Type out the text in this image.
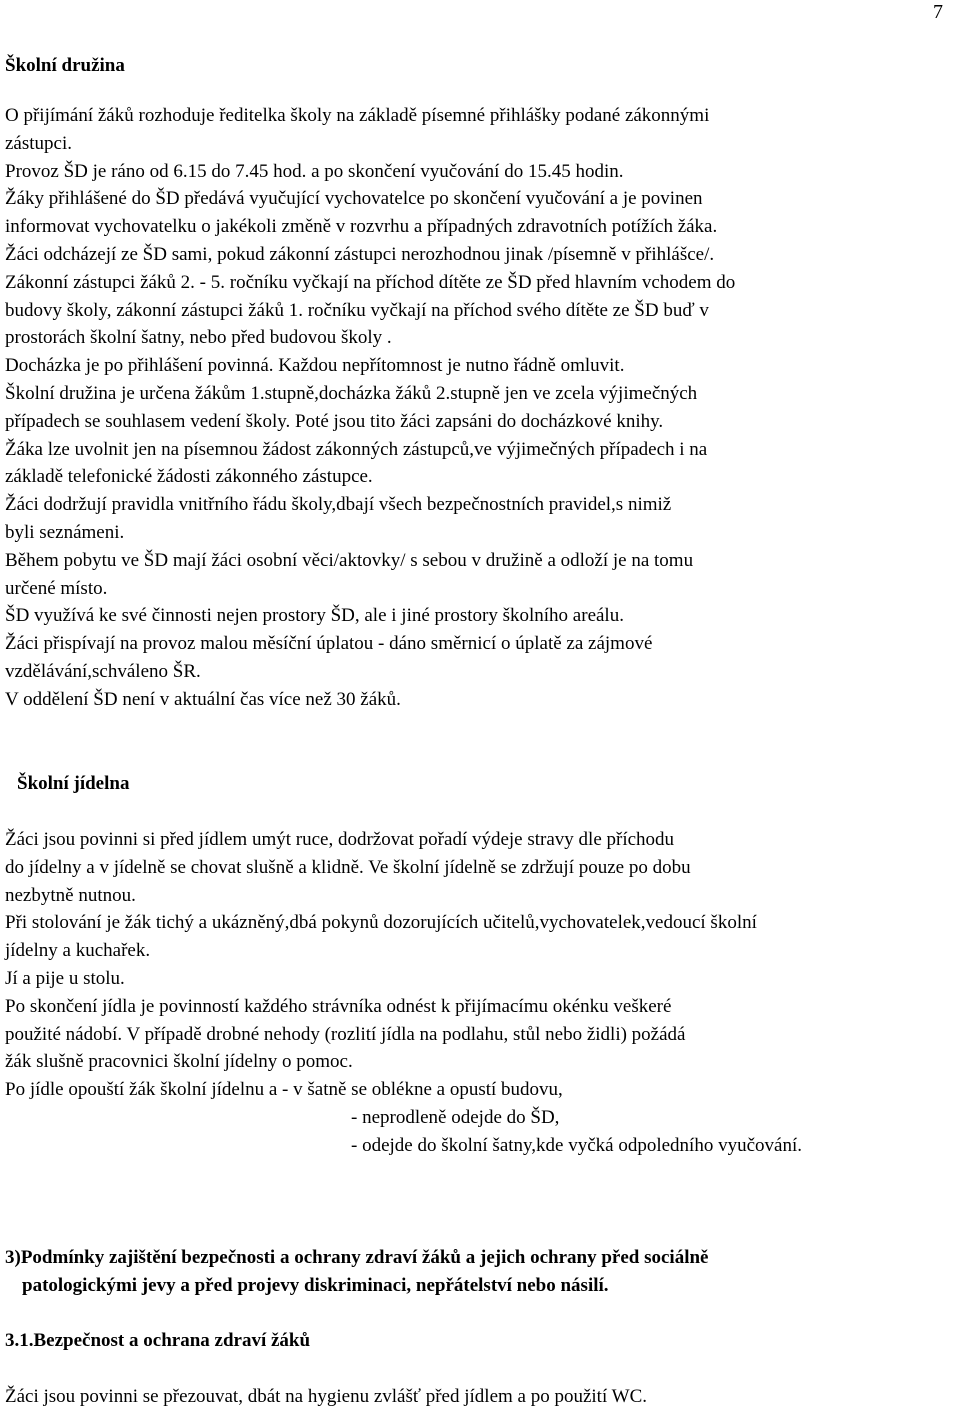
7

Školní družina

O přijímání žáků rozhoduje ředitelka školy na základě písemné přihlášky podané zákonnými

zástupci.

Provoz ŠD je ráno od 6.15 do 7.45 hod. a po skončení vyučování do 15.45 hodin.

Žáky přihlášené do ŠD předává vyučující vychovatelce po skončení vyučování a je povinen

informovat vychovatelku o jakékoli změně v rozvrhu a případných zdravotních potížích žáka.

Žáci odcházejí ze ŠD sami, pokud zákonní zástupci nerozhodnou jinak /písemně v přihlášce/.

Zákonní zástupci žáků 2. - 5. ročníku vyčkají na příchod dítěte ze ŠD před hlavním vchodem do

budovy školy, zákonní zástupci žáků 1. ročníku vyčkají na příchod svého dítěte ze ŠD buď v

prostorách školní šatny, nebo před budovou školy .

Docházka je po přihlášení povinná. Každou nepřítomnost je nutno řádně omluvit.

Školní družina je určena žákům 1.stupně,docházka žáků 2.stupně jen ve zcela výjimečných

případech se souhlasem vedení školy. Poté jsou tito žáci zapsáni do docházkové knihy.

Žáka lze uvolnit jen na písemnou žádost zákonných zástupců,ve výjimečných případech i na

základě telefonické žádosti zákonného zástupce.

Žáci dodržují pravidla vnitřního řádu školy,dbají všech bezpečnostních pravidel,s nimiž

byli seznámeni.

Během pobytu ve ŠD mají žáci osobní věci/aktovky/ s sebou v družině a odloží je na tomu

určené místo.

ŠD využívá ke své činnosti nejen prostory ŠD, ale i jiné prostory školního areálu.

Žáci přispívají na provoz malou měsíční úplatou - dáno směrnicí o úplatě za zájmové

vzdělávání,schváleno ŠR.

V oddělení ŠD není v aktuální čas více než 30 žáků.

Školní jídelna

Žáci jsou povinni si před jídlem umýt ruce, dodržovat pořadí výdeje stravy dle příchodu

do jídelny a v jídelně se chovat slušně a klidně. Ve školní jídelně se zdržují pouze po dobu

nezbytně nutnou.

Při stolování je žák tichý a ukázněný,dbá pokynů dozorujících učitelů,vychovatelek,vedoucí školní

jídelny a kuchařek.

Jí a pije u stolu.

Po skončení jídla je povinností každého strávníka odnést k přijímacímu okénku veškeré

použité nádobí. V případě drobné nehody (rozlití jídla na podlahu, stůl nebo židli) požádá

žák slušně pracovnici školní jídelny o pomoc.

Po jídle opouští žák školní jídelnu a - v šatně se oblékne a opustí budovu,

- neprodleně odejde do ŠD,

- odejde do školní šatny,kde vyčká odpoledního vyučování.

3)Podmínky zajištění bezpečnosti a ochrany zdraví žáků a jejich ochrany před sociálně
patologickými jevy a před projevy diskriminaci, nepřátelství nebo násilí.

3.1.Bezpečnost a ochrana zdraví žáků

Žáci jsou povinni se přezouvat, dbát na hygienu zvlášť před jídlem a po použití WC.
